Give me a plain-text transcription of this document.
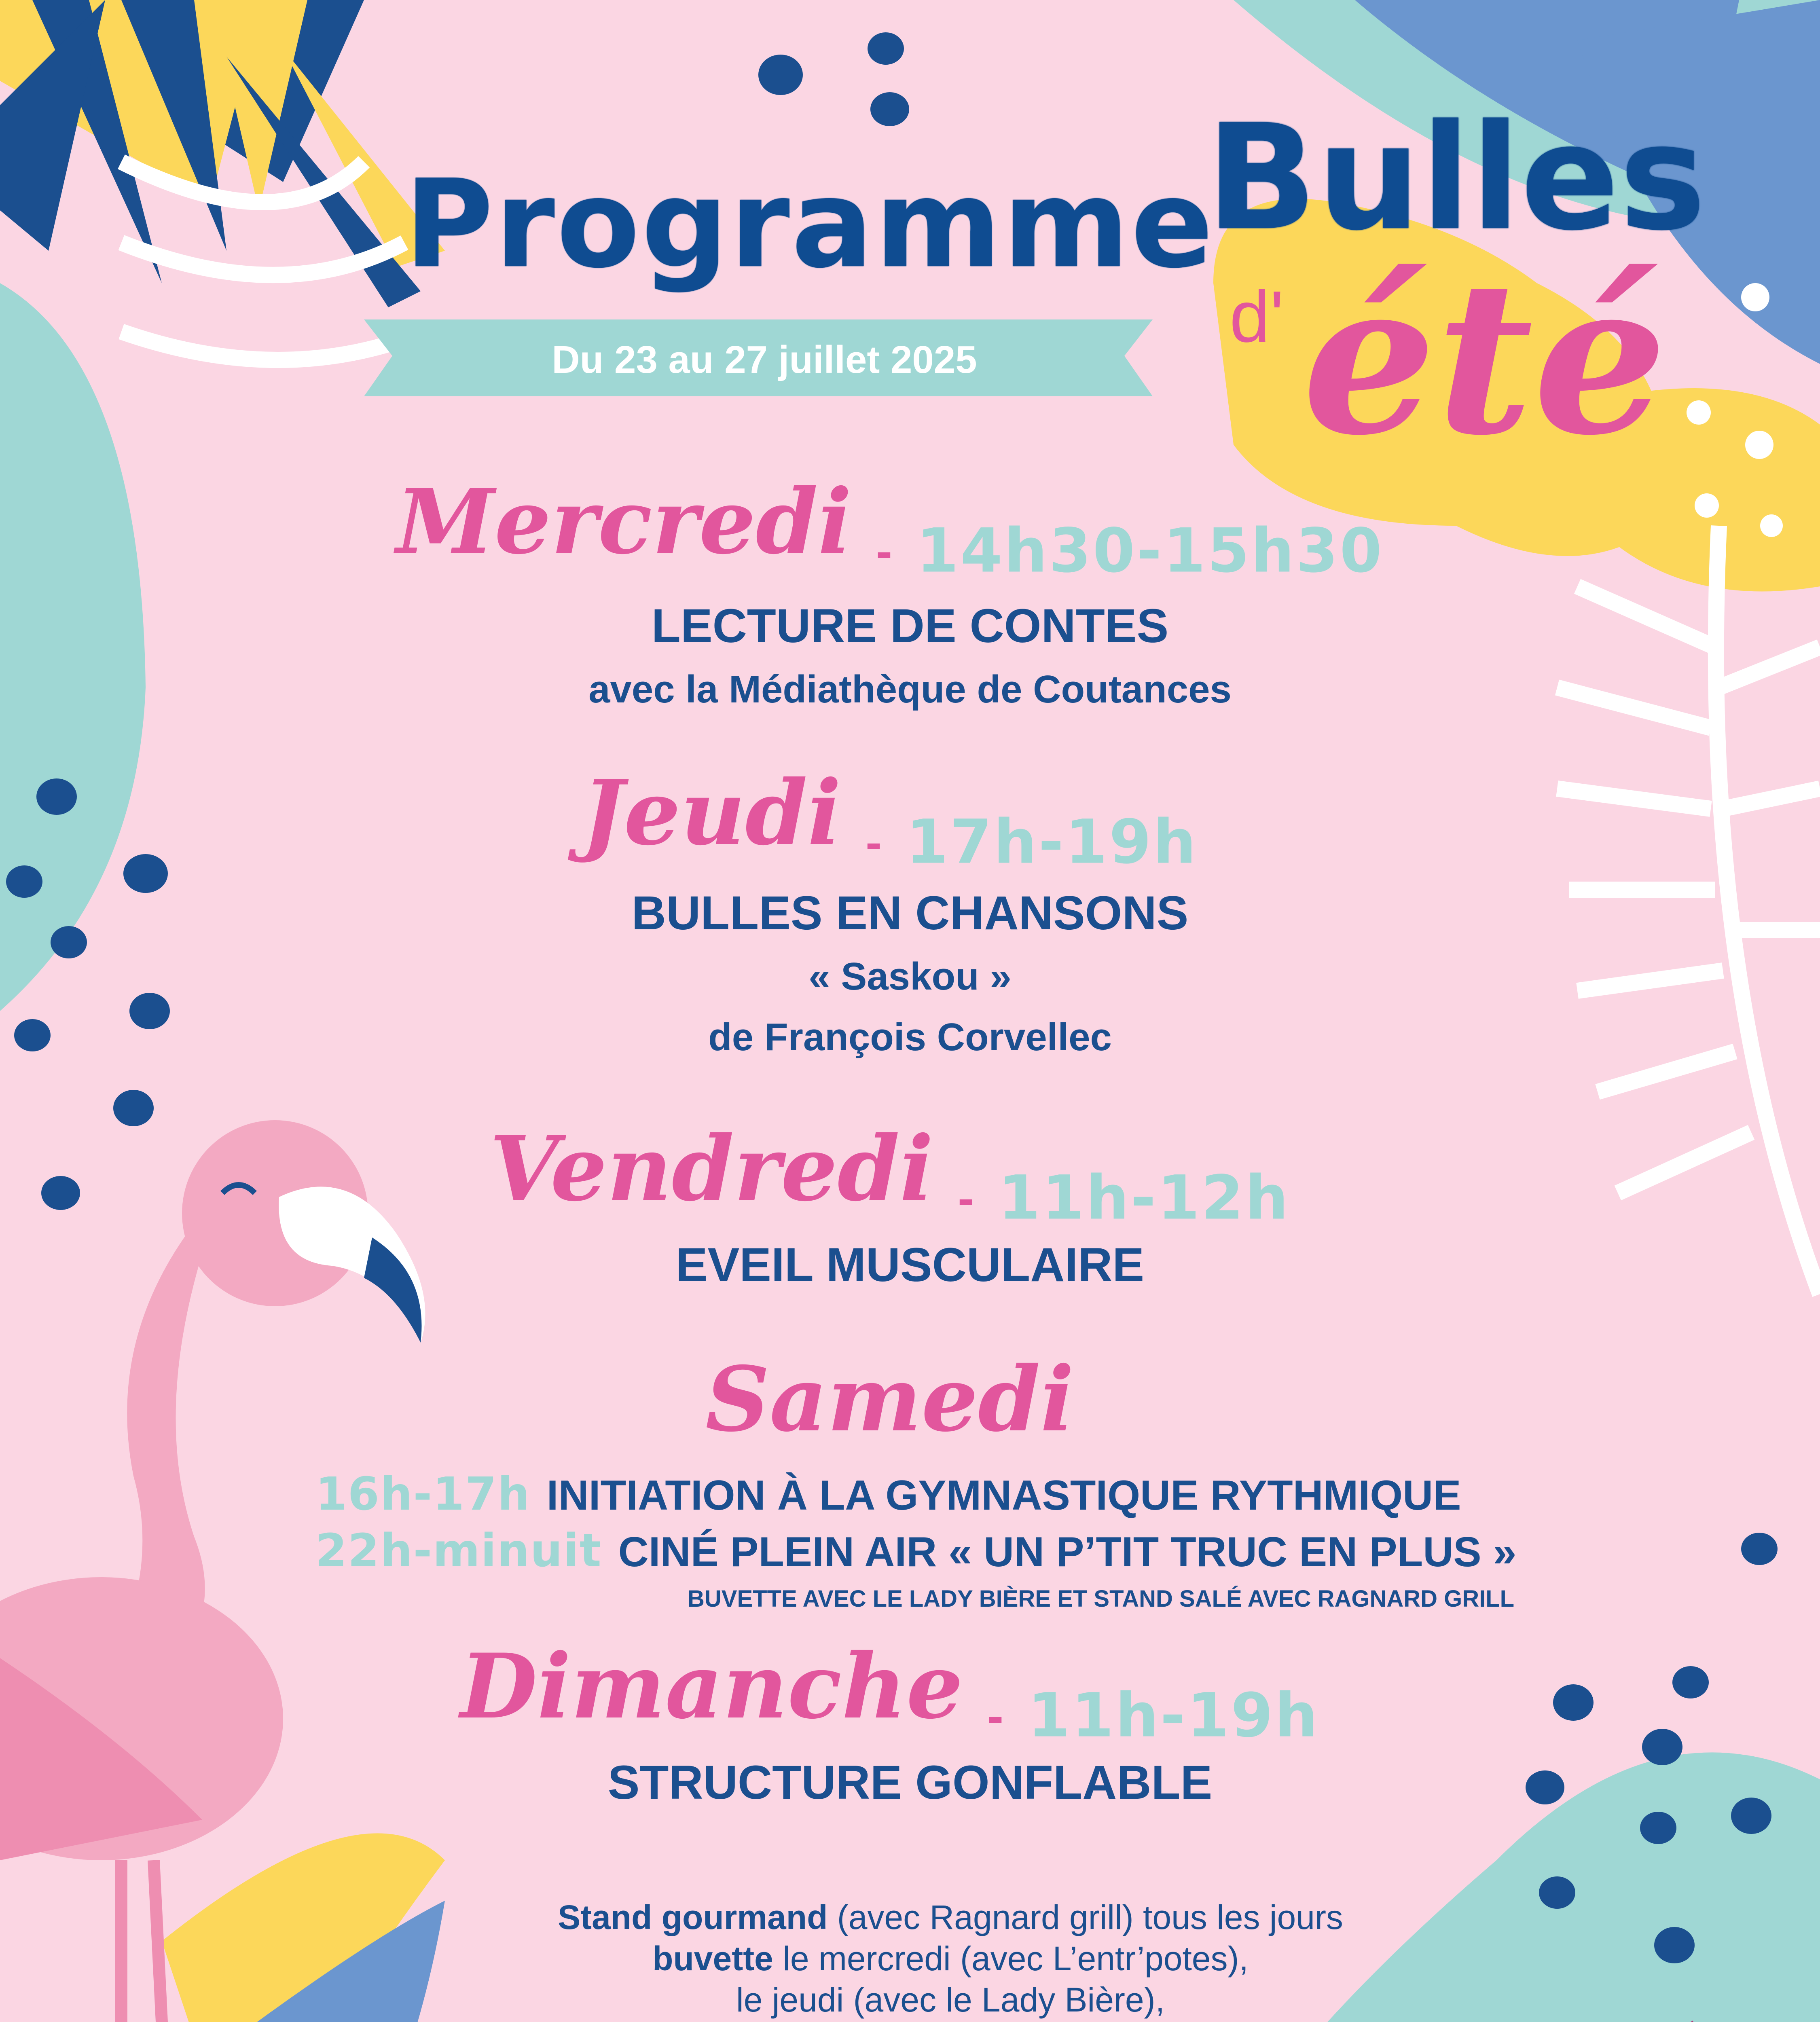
Programme
Du 23 au 27 juillet 2025
Bulles
d' été
Mercredi - 14h30-15h30
LECTURE DE CONTES
avec la Médiathèque de Coutances
Jeudi - 17h-19h
BULLES EN CHANSONS
« Saskou »
de François Corvellec
Vendredi - 11h-12h
EVEIL MUSCULAIRE
Samedi
16h-17h INITIATION À LA GYMNASTIQUE RYTHMIQUE
22h-minuit CINÉ PLEIN AIR « UN P’TIT TRUC EN PLUS »
BUVETTE AVEC LE LADY BIÈRE ET STAND SALÉ AVEC RAGNARD GRILL
Dimanche - 11h-19h
STRUCTURE GONFLABLE
Stand gourmand (avec Ragnard grill) tous les jours
buvette le mercredi (avec L’entr’potes),
le jeudi (avec le Lady Bière),
